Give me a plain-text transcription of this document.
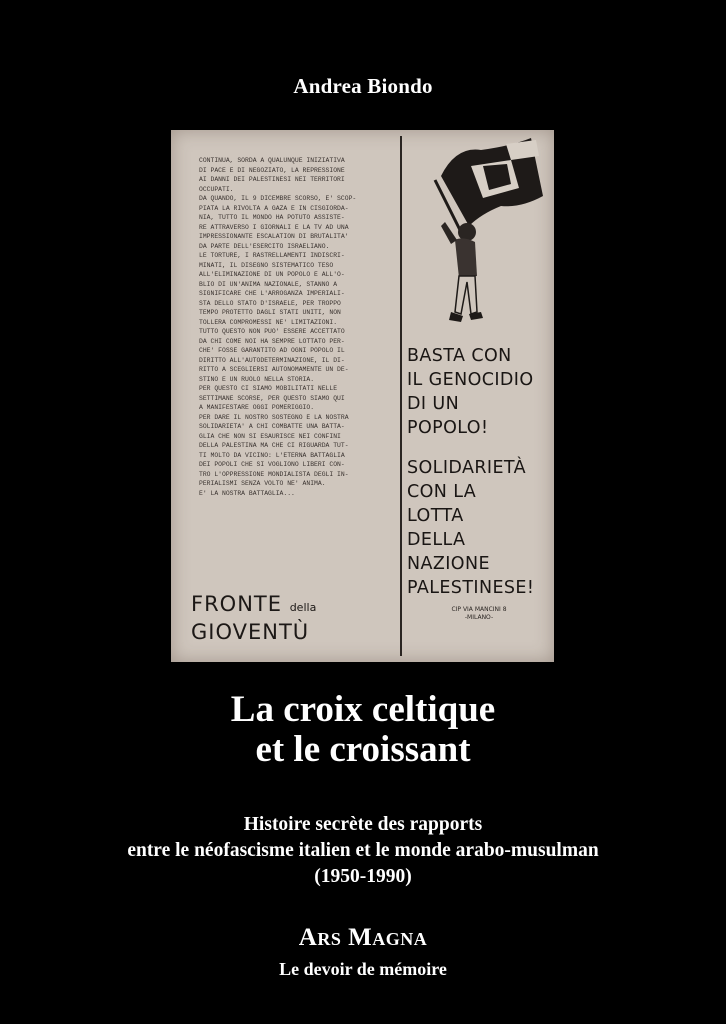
Andrea Biondo
CONTINUA, SORDA A QUALUNQUE INIZIATIVA
DI PACE E DI NEGOZIATO, LA REPRESSIONE
AI DANNI DEI PALESTINESI NEI TERRITORI
OCCUPATI.
DA QUANDO, IL 9 DICEMBRE SCORSO, E' SCOP-
PIATA LA RIVOLTA A GAZA E IN CISGIORDA-
NIA, TUTTO IL MONDO HA POTUTO ASSISTE-
RE ATTRAVERSO I GIORNALI E LA TV AD UNA
IMPRESSIONANTE ESCALATION DI BRUTALITA'
DA PARTE DELL'ESERCITO ISRAELIANO.
LE TORTURE, I RASTRELLAMENTI INDISCRI-
MINATI, IL DISEGNO SISTEMATICO TESO
ALL'ELIMINAZIONE DI UN POPOLO E ALL'O-
BLIO DI UN'ANIMA NAZIONALE, STANNO A
SIGNIFICARE CHE L'ARROGANZA IMPERIALI-
STA DELLO STATO D'ISRAELE, PER TROPPO
TEMPO PROTETTO DAGLI STATI UNITI, NON
TOLLERA COMPROMESSI NE' LIMITAZIONI.
TUTTO QUESTO NON PUO' ESSERE ACCETTATO
DA CHI COME NOI HA SEMPRE LOTTATO PER-
CHE' FOSSE GARANTITO AD OGNI POPOLO IL
DIRITTO ALL'AUTODETERMINAZIONE, IL DI-
RITTO A SCEGLIERSI AUTONOMAMENTE UN DE-
STINO E UN RUOLO NELLA STORIA.
PER QUESTO CI SIAMO MOBILITATI NELLE
SETTIMANE SCORSE, PER QUESTO SIAMO QUI
A MANIFESTARE OGGI POMERIGGIO.
PER DARE IL NOSTRO SOSTEGNO E LA NOSTRA
SOLIDARIETA' A CHI COMBATTE UNA BATTA-
GLIA CHE NON SI ESAURISCE NEI CONFINI
DELLA PALESTINA MA CHE CI RIGUARDA TUT-
TI MOLTO DA VICINO: L'ETERNA BATTAGLIA
DEI POPOLI CHE SI VOGLIONO LIBERI CON-
TRO L'OPPRESSIONE MONDIALISTA DEGLI IN-
PERIALISMI SENZA VOLTO NE' ANIMA.
E' LA NOSTRA BATTAGLIA...
FRONTE della
GIOVENTÙ
BASTA CON
IL GENOCIDIO
DI UN
POPOLO!
SOLIDARIETÀ
CON LA
LOTTA
DELLA
NAZIONE
PALESTINESE!
CIP VIA MANCINI 8
-MILANO-
La croix celtique
et le croissant
Histoire secrète des rapports
entre le néofascisme italien et le monde arabo-musulman
(1950-1990)
Ars Magna
Le devoir de mémoire
